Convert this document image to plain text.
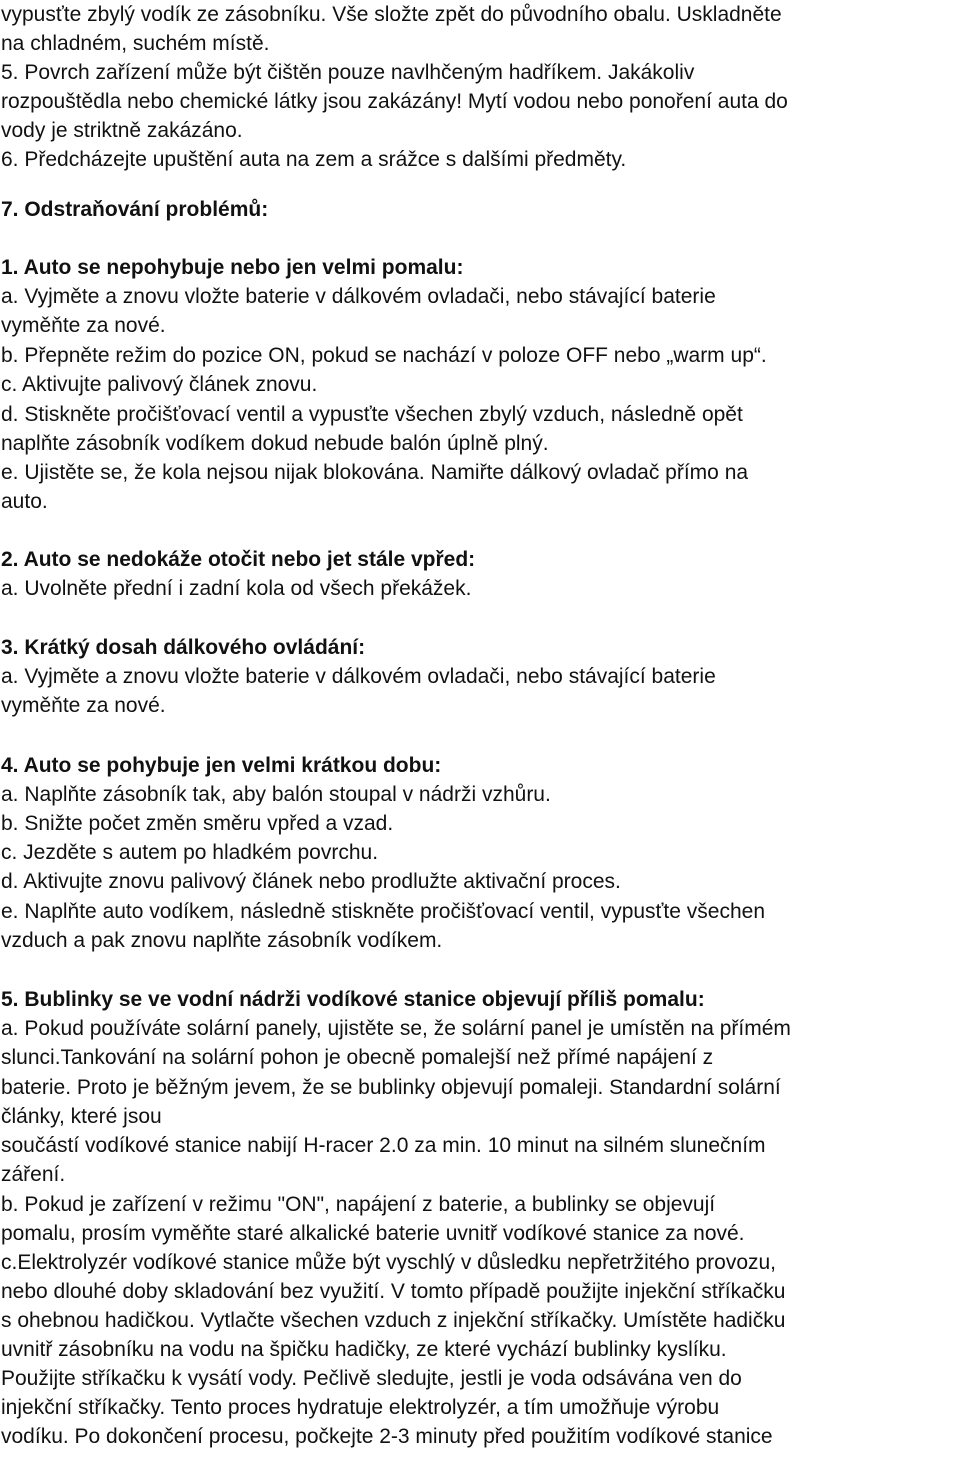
vypusťte zbylý vodík ze zásobníku. Vše složte zpět do původního obalu. Uskladněte
na chladném, suchém místě.
5. Povrch zařízení může být čištěn pouze navlhčeným hadříkem. Jakákoliv
rozpouštědla nebo chemické látky jsou zakázány! Mytí vodou nebo ponoření auta do
vody je striktně zakázáno.
6. Předcházejte upuštění auta na zem a srážce s dalšími předměty.
7. Odstraňování problémů:
1. Auto se nepohybuje nebo jen velmi pomalu:
a. Vyjměte a znovu vložte baterie v dálkovém ovladači, nebo stávající baterie
vyměňte za nové.
b. Přepněte režim do pozice ON, pokud se nachází v poloze OFF nebo „warm up“.
c. Aktivujte palivový článek znovu.
d. Stiskněte pročišťovací ventil a vypusťte všechen zbylý vzduch, následně opět
naplňte zásobník vodíkem dokud nebude balón úplně plný.
e. Ujistěte se, že kola nejsou nijak blokována. Namiřte dálkový ovladač přímo na
auto.
2. Auto se nedokáže otočit nebo jet stále vpřed:
a. Uvolněte přední i zadní kola od všech překážek.
3. Krátký dosah dálkového ovládání:
a. Vyjměte a znovu vložte baterie v dálkovém ovladači, nebo stávající baterie
vyměňte za nové.
4. Auto se pohybuje jen velmi krátkou dobu:
a. Naplňte zásobník tak, aby balón stoupal v nádrži vzhůru.
b. Snižte počet změn směru vpřed a vzad.
c. Jezděte s autem po hladkém povrchu.
d. Aktivujte znovu palivový článek nebo prodlužte aktivační proces.
e. Naplňte auto vodíkem, následně stiskněte pročišťovací ventil, vypusťte všechen
vzduch a pak znovu naplňte zásobník vodíkem.
5. Bublinky se ve vodní nádrži vodíkové stanice objevují příliš pomalu:
a. Pokud používáte solární panely, ujistěte se, že solární panel je umístěn na přímém
slunci.Tankování na solární pohon je obecně pomalejší než přímé napájení z
baterie. Proto je běžným jevem, že se bublinky objevují pomaleji. Standardní solární
články, které jsou
součástí vodíkové stanice nabijí H-racer 2.0 za min. 10 minut na silném slunečním
záření.
b. Pokud je zařízení v režimu "ON", napájení z baterie, a bublinky se objevují
pomalu, prosím vyměňte staré alkalické baterie uvnitř vodíkové stanice za nové.
c.Elektrolyzér vodíkové stanice může být vyschlý v důsledku nepřetržitého provozu,
nebo dlouhé doby skladování bez využití. V tomto případě použijte injekční stříkačku
s ohebnou hadičkou. Vytlačte všechen vzduch z injekční stříkačky. Umístěte hadičku
uvnitř zásobníku na vodu na špičku hadičky, ze které vychází bublinky kyslíku.
Použijte stříkačku k vysátí vody. Pečlivě sledujte, jestli je voda odsávána ven do
injekční stříkačky. Tento proces hydratuje elektrolyzér, a tím umožňuje výrobu
vodíku. Po dokončení procesu, počkejte 2-3 minuty před použitím vodíkové stanice
